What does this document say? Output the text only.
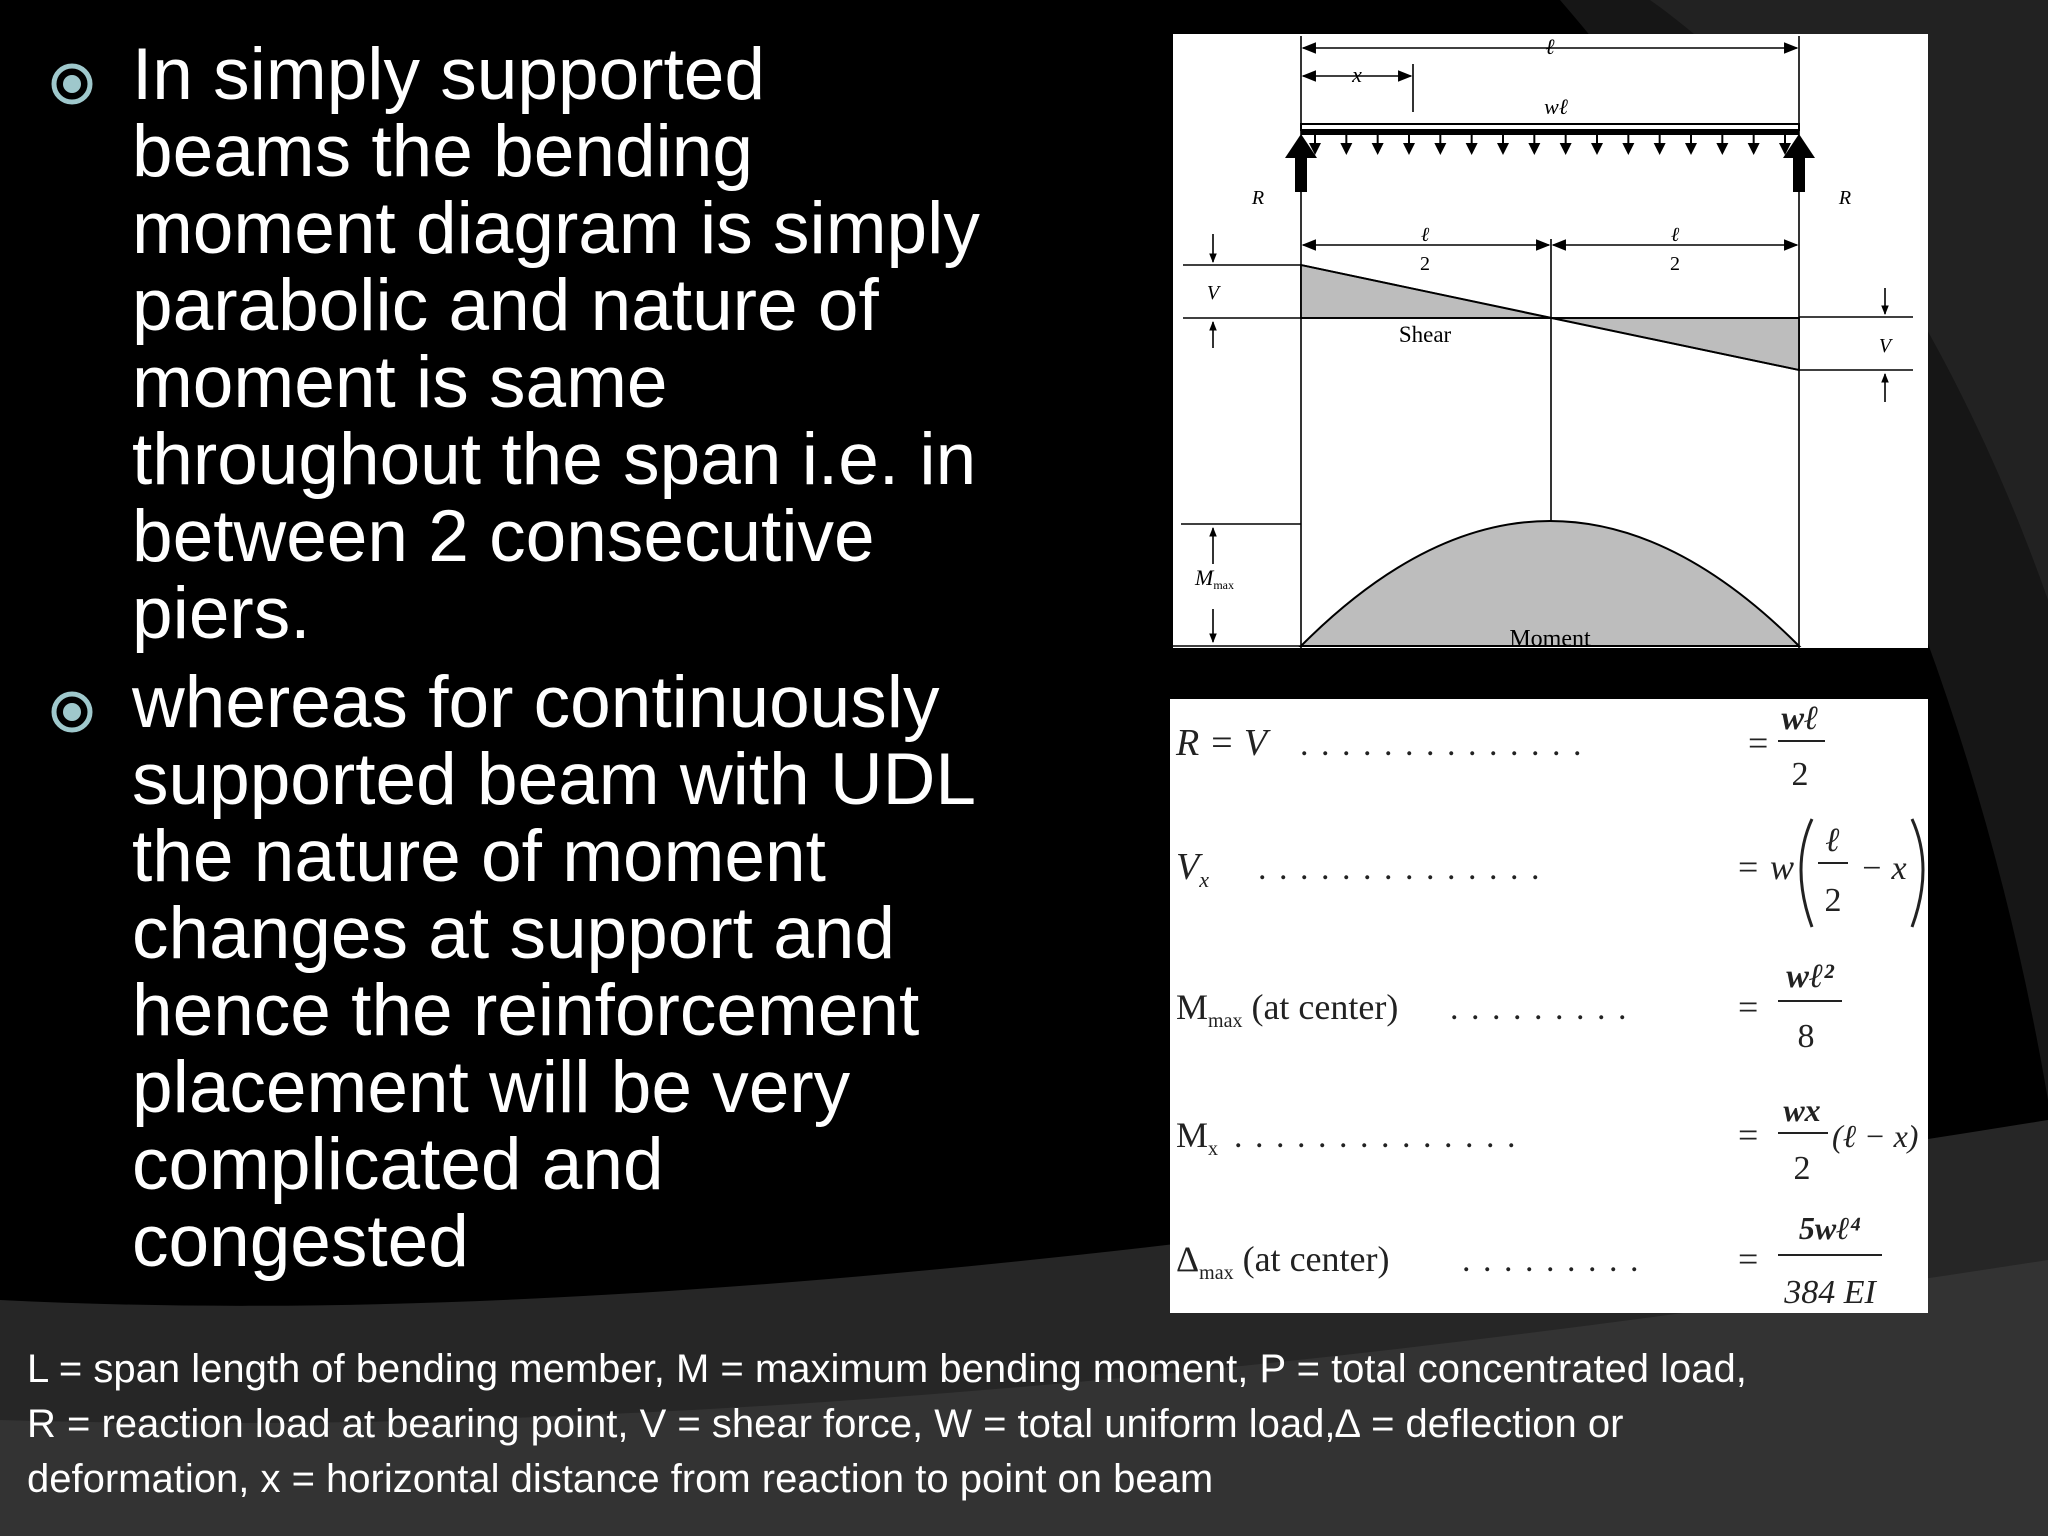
In simply supported
beams the bending
moment diagram is simply
parabolic and nature of
moment is same
throughout the span i.e. in
between 2 consecutive
piers.
whereas for continuously
supported beam with UDL
the nature of moment
changes at support and
hence the reinforcement
placement will be very
complicated and
congested
ℓ
x
wℓ
R	R
ℓ
2
ℓ
2
V
V
Shear
Mmax
Moment
R = V . . . . . . . . . . . . . .	=
wℓ
2
$V_x$ . . . . . . . . . . . . . .	= w
ℓ
2
− x
$M_{max}$ (at center) . . . . . . . . .	=
wℓ²
8
$M_x$ . . . . . . . . . . . . . .	=
wx
2
(ℓ − x)
$\Delta_{max}$ (at center) . . . . . . . . .	=
5wℓ⁴
384 EI
L = span length of bending member, M = maximum bending moment, P = total concentrated load,
R = reaction load at bearing point, V = shear force, W = total uniform load,∆ = deflection or
deformation, x = horizontal distance from reaction to point on beam
